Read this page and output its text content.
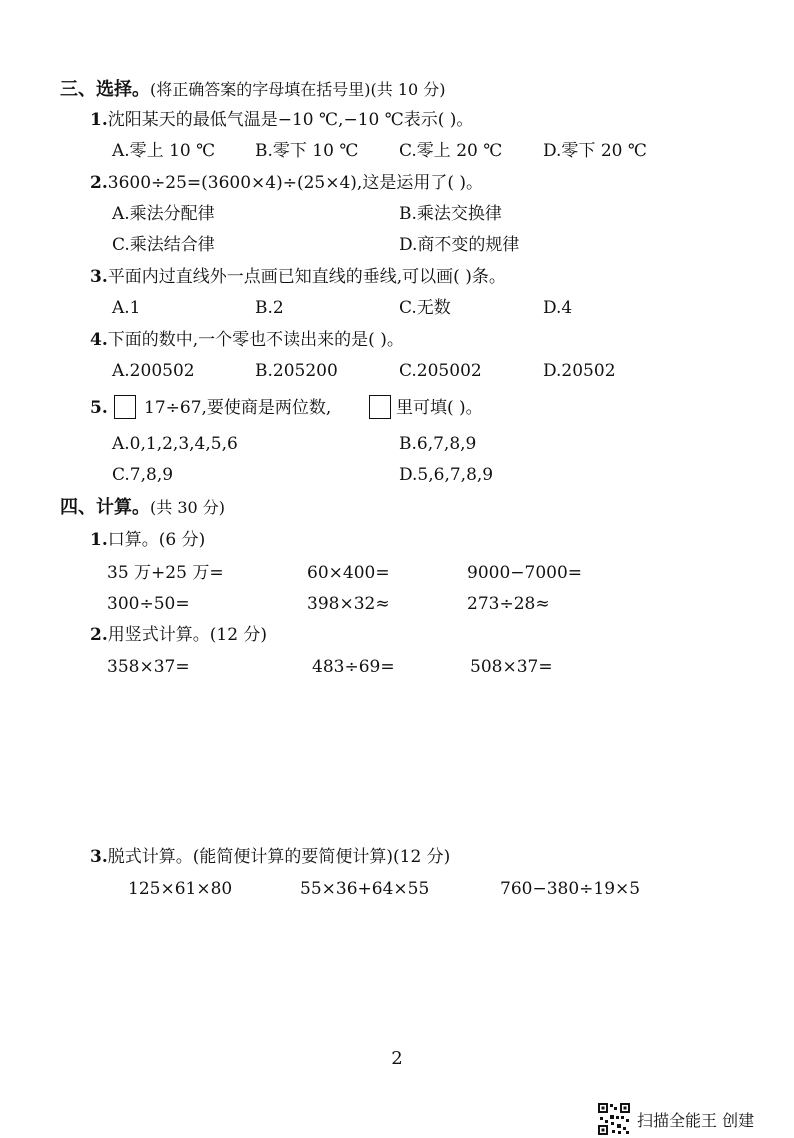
三、选择。(将正确答案的字母填在括号里)(共 10 分)
1.沈阳某天的最低气温是−10 ℃,−10 ℃表示( )。
A.零上 10 ℃ B.零下 10 ℃ C.零上 20 ℃ D.零下 20 ℃
2.3600÷25=(3600×4)÷(25×4),这是运用了( )。
A.乘法分配律	B.乘法交换律
C.乘法结合律	D.商不变的规律
3.平面内过直线外一点画已知直线的垂线,可以画( )条。
A.1	B.2	C.无数	D.4
4.下面的数中,一个零也不读出来的是( )。
A.200502	B.205200	C.205002	D.20502
5. 17÷67,要使商是两位数,	里可填( )。
A.0,1,2,3,4,5,6	B.6,7,8,9
C.7,8,9	D.5,6,7,8,9
四、计算。(共 30 分)
1.口算。(6 分)
35 万+25 万=	60×400=	9000−7000=
300÷50=	398×32≈	273÷28≈
2.用竖式计算。(12 分)
358×37=	483÷69=	508×37=
3.脱式计算。(能简便计算的要简便计算)(12 分)
125×61×80	55×36+64×55	760−380÷19×5
2
扫描全能王 创建
